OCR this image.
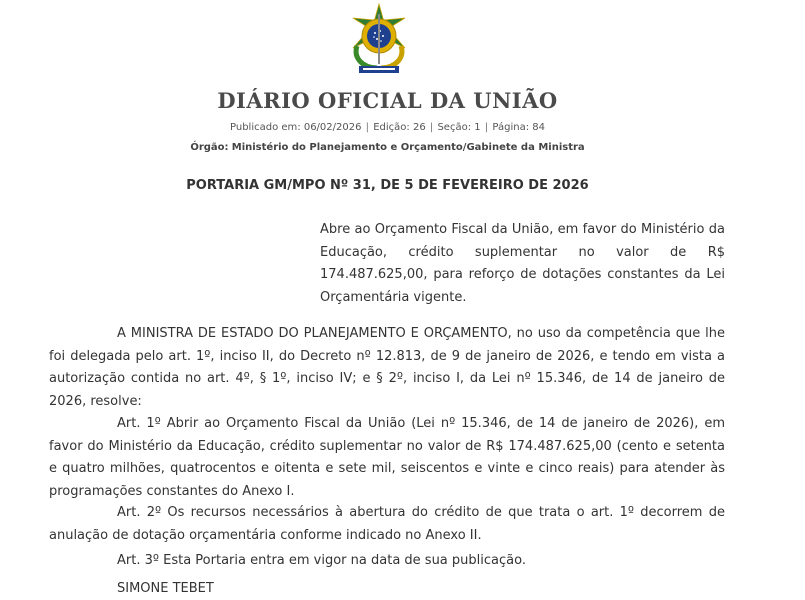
DIÁRIO OFICIAL DA UNIÃO
Publicado em: 06/02/2026 | Edição: 26 | Seção: 1 | Página: 84
Órgão: Ministério do Planejamento e Orçamento/Gabinete da Ministra
PORTARIA GM/MPO Nº 31, DE 5 DE FEVEREIRO DE 2026
Abre ao Orçamento Fiscal da União, em favor do Ministério da Educação, crédito suplementar no valor de R$ 174.487.625,00, para reforço de dotações constantes da Lei Orçamentária vigente.

A MINISTRA DE ESTADO DO PLANEJAMENTO E ORÇAMENTO, no uso da competência que lhe foi delegada pelo art. 1º, inciso II, do Decreto nº 12.813, de 9 de janeiro de 2026, e tendo em vista a autorização contida no art. 4º, § 1º, inciso IV; e § 2º, inciso I, da Lei nº 15.346, de 14 de janeiro de 2026, resolve:

Art. 1º Abrir ao Orçamento Fiscal da União (Lei nº 15.346, de 14 de janeiro de 2026), em favor do Ministério da Educação, crédito suplementar no valor de R$ 174.487.625,00 (cento e setenta e quatro milhões, quatrocentos e oitenta e sete mil, seiscentos e vinte e cinco reais) para atender às programações constantes do Anexo I.

Art. 2º Os recursos necessários à abertura do crédito de que trata o art. 1º decorrem de anulação de dotação orçamentária conforme indicado no Anexo II.

Art. 3º Esta Portaria entra em vigor na data de sua publicação.

SIMONE TEBET
